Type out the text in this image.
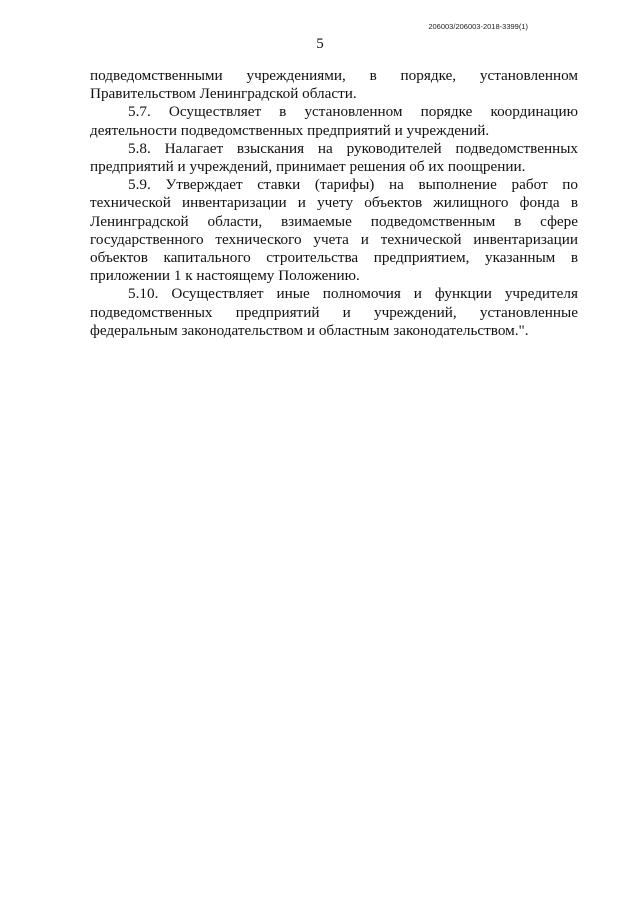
206003/206003-2018-3399(1)
5

подведомственными учреждениями, в порядке, установленном Правительством Ленинградской области.

5.7. Осуществляет в установленном порядке координацию деятельности подведомственных предприятий и учреждений.

5.8. Налагает взыскания на руководителей подведомственных предприятий и учреждений, принимает решения об их поощрении.

5.9. Утверждает ставки (тарифы) на выполнение работ по технической инвентаризации и учету объектов жилищного фонда в Ленинградской области, взимаемые подведомственным в сфере государственного технического учета и технической инвентаризации объектов капитального строительства предприятием, указанным в приложении 1 к настоящему Положению.

5.10. Осуществляет иные полномочия и функции учредителя подведомственных предприятий и учреждений, установленные федеральным законодательством и областным законодательством.".
